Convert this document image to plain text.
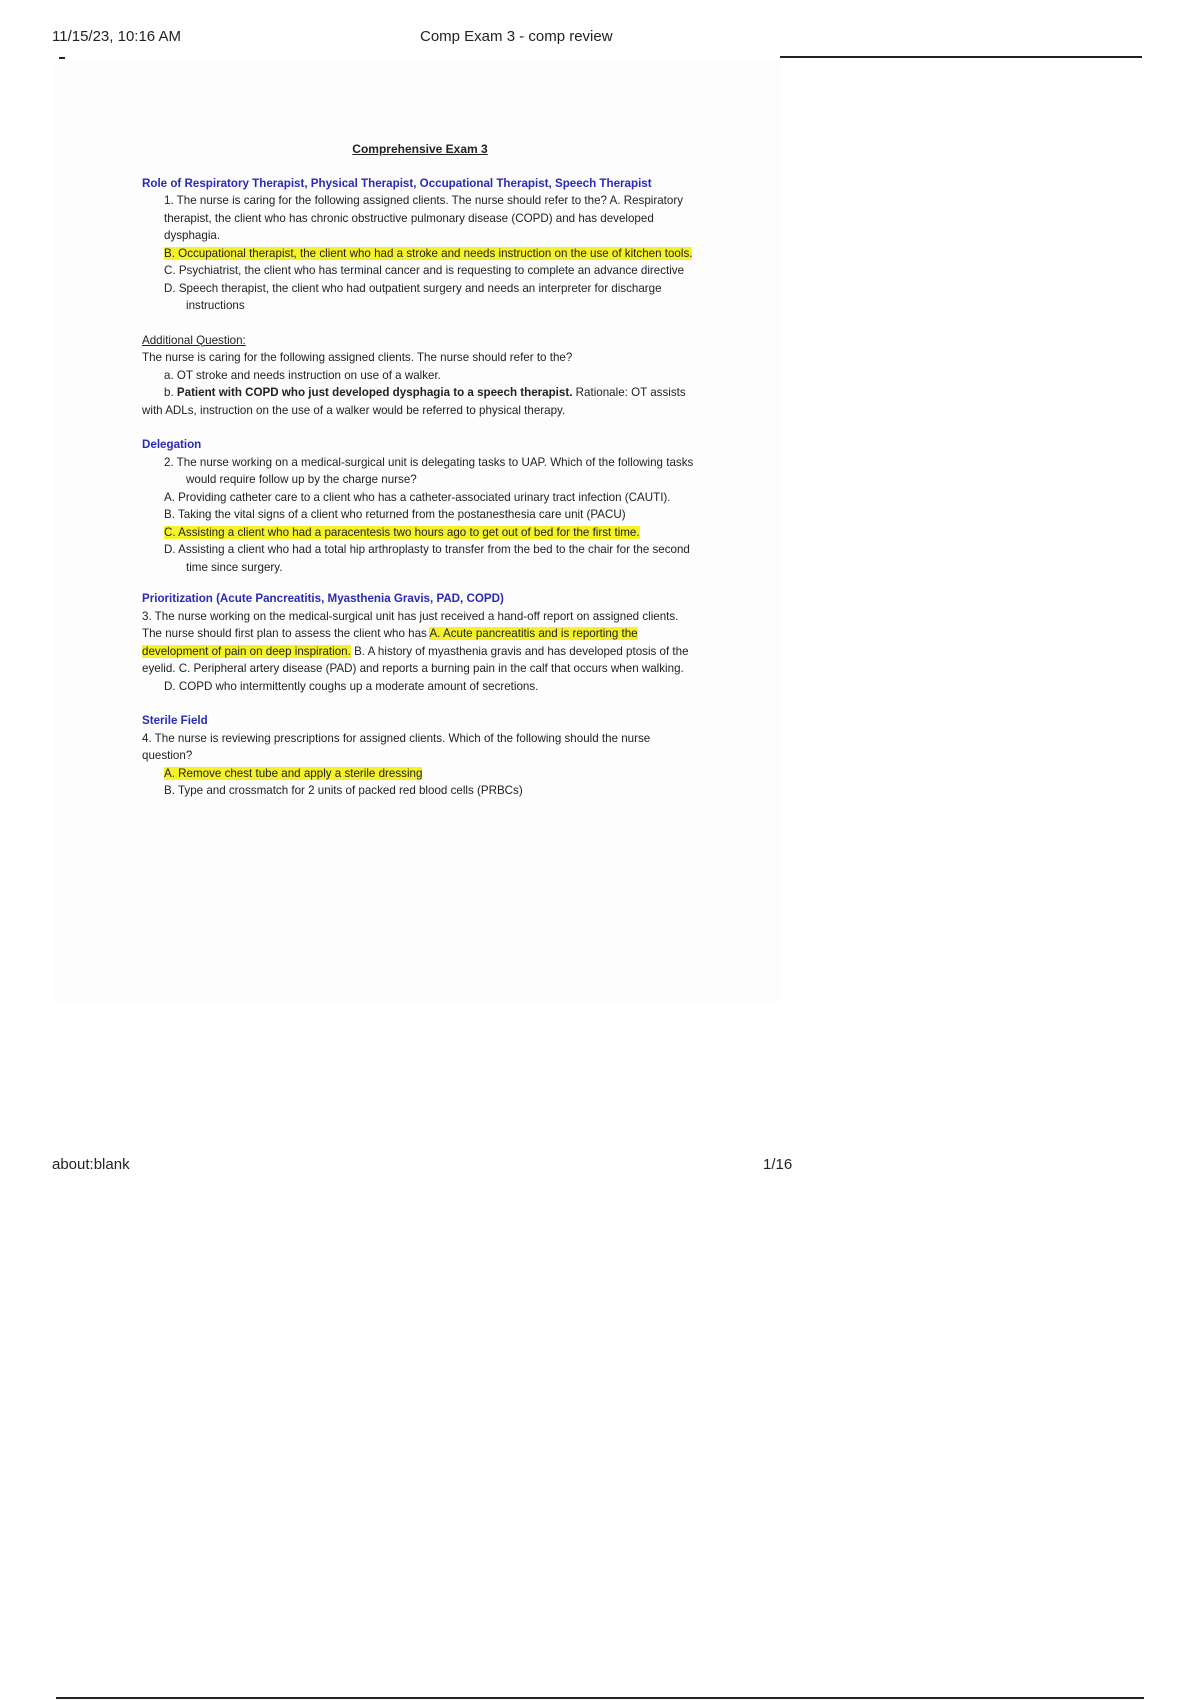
11/15/23, 10:16 AM	Comp Exam 3 - comp review

Comprehensive Exam 3

Role of Respiratory Therapist, Physical Therapist, Occupational Therapist, Speech Therapist

1. The nurse is caring for the following assigned clients. The nurse should refer to the? A. Respiratory therapist, the client who has chronic obstructive pulmonary disease (COPD) and has developed dysphagia.

B. Occupational therapist, the client who had a stroke and needs instruction on the use of kitchen tools.

C. Psychiatrist, the client who has terminal cancer and is requesting to complete an advance directive

D. Speech therapist, the client who had outpatient surgery and needs an interpreter for discharge instructions

Additional Question:

The nurse is caring for the following assigned clients. The nurse should refer to the?

a. OT stroke and needs instruction on use of a walker.

b. Patient with COPD who just developed dysphagia to a speech therapist. Rationale: OT assists with ADLs, instruction on the use of a walker would be referred to physical therapy.

Delegation

2. The nurse working on a medical-surgical unit is delegating tasks to UAP. Which of the following tasks would require follow up by the charge nurse?

A. Providing catheter care to a client who has a catheter-associated urinary tract infection (CAUTI).

B. Taking the vital signs of a client who returned from the postanesthesia care unit (PACU)

C. Assisting a client who had a paracentesis two hours ago to get out of bed for the first time.

D. Assisting a client who had a total hip arthroplasty to transfer from the bed to the chair for the second time since surgery.

Prioritization (Acute Pancreatitis, Myasthenia Gravis, PAD, COPD)

3. The nurse working on the medical-surgical unit has just received a hand-off report on assigned clients. The nurse should first plan to assess the client who has A. Acute pancreatitis and is reporting the development of pain on deep inspiration. B. A history of myasthenia gravis and has developed ptosis of the eyelid. C. Peripheral artery disease (PAD) and reports a burning pain in the calf that occurs when walking.

D. COPD who intermittently coughs up a moderate amount of secretions.

Sterile Field

4. The nurse is reviewing prescriptions for assigned clients. Which of the following should the nurse question?

A. Remove chest tube and apply a sterile dressing

B. Type and crossmatch for 2 units of packed red blood cells (PRBCs)

about:blank	1/16
